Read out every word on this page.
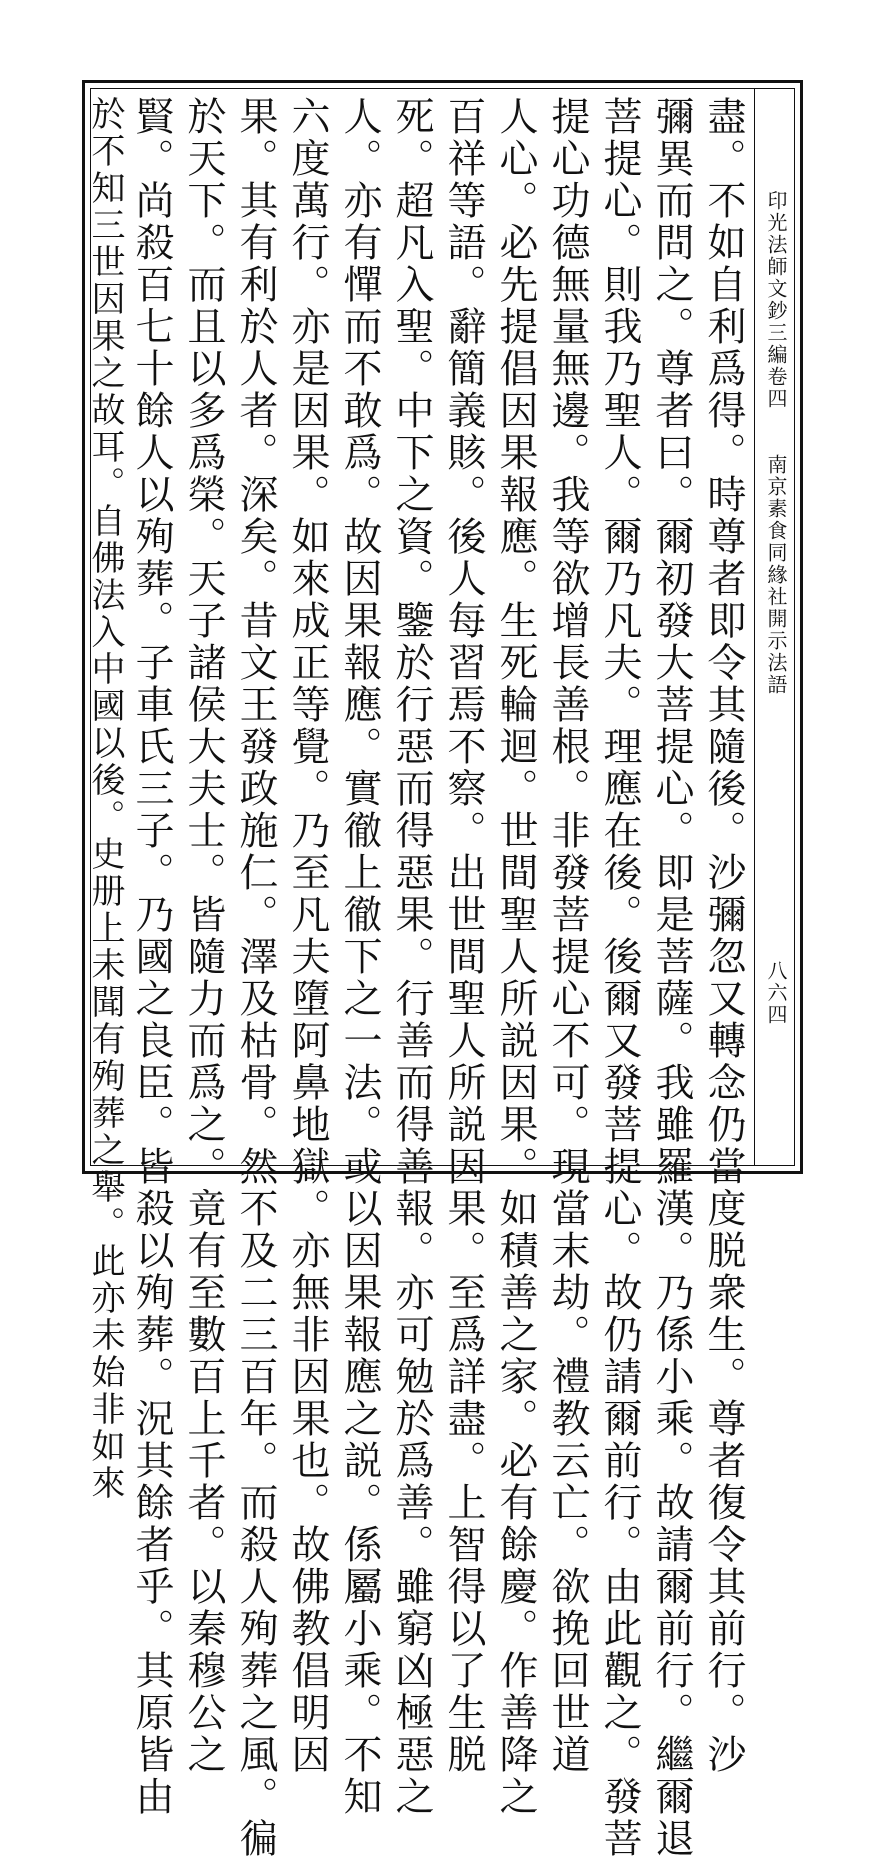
盡。不如自利爲得。時尊者即令其隨後。沙彌忽又轉念仍當度脱衆生。尊者復令其前行。沙
彌異而問之。尊者曰。爾初發大菩提心。即是菩薩。我雖羅漢。乃係小乘。故請爾前行。繼爾退
菩提心。則我乃聖人。爾乃凡夫。理應在後。後爾又發菩提心。故仍請爾前行。由此觀之。發菩
提心功德無量無邊。我等欲增長善根。非發菩提心不可。現當末劫。禮教云亡。欲挽回世道
人心。必先提倡因果報應。生死輪迴。世間聖人所説因果。如積善之家。必有餘慶。作善降之
百祥等語。辭簡義賅。後人每習焉不察。出世間聖人所説因果。至爲詳盡。上智得以了生脱
死。超凡入聖。中下之資。鑒於行惡而得惡果。行善而得善報。亦可勉於爲善。雖窮凶極惡之
人。亦有憚而不敢爲。故因果報應。實徹上徹下之一法。或以因果報應之説。係屬小乘。不知
六度萬行。亦是因果。如來成正等覺。乃至凡夫墮阿鼻地獄。亦無非因果也。故佛教倡明因
果。其有利於人者。深矣。昔文王發政施仁。澤及枯骨。然不及二三百年。而殺人殉葬之風。徧
於天下。而且以多爲榮。天子諸侯大夫士。皆隨力而爲之。竟有至數百上千者。以秦穆公之
賢。尚殺百七十餘人以殉葬。子車氏三子。乃國之良臣。皆殺以殉葬。況其餘者乎。其原皆由
於不知三世因果之故耳。自佛法入中國以後。史册上未聞有殉葬之舉。此亦未始非如來	印光法師文鈔三編卷四
南京素食同緣社開示法語
八六四
